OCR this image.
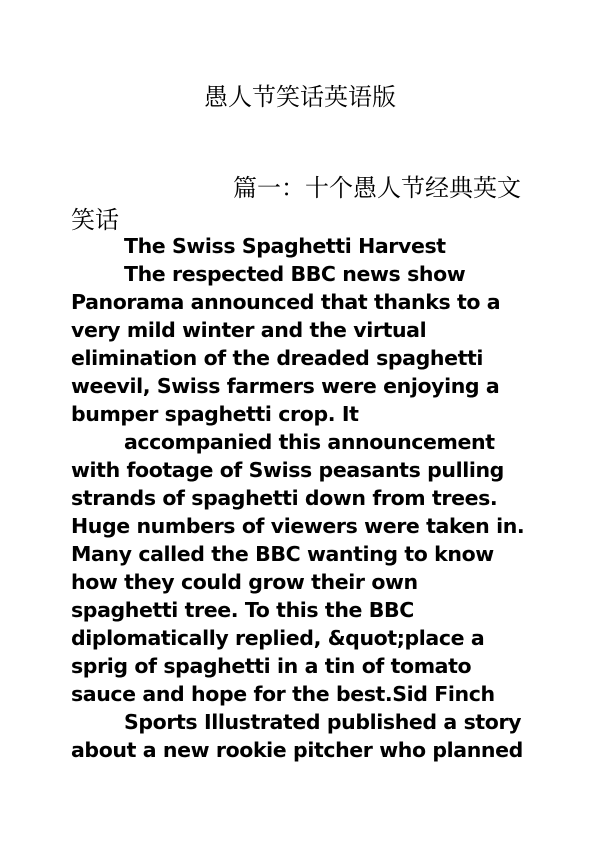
愚人节笑话英语版
篇一：十个愚人节经典英文笑话

The Swiss Spaghetti Harvest

The respected BBC news show Panorama announced that thanks to a very mild winter and the virtual elimination of the dreaded spaghetti weevil, Swiss farmers were enjoying a bumper spaghetti crop. It

accompanied this announcement with footage of Swiss peasants pulling strands of spaghetti down from trees. Huge numbers of viewers were taken in. Many called the BBC wanting to know how they could grow their own spaghetti tree. To this the BBC diplomatically replied, &quot;place a sprig of spaghetti in a tin of tomato sauce and hope for the best.Sid Finch

Sports Illustrated published a story about a new rookie pitcher who planned
